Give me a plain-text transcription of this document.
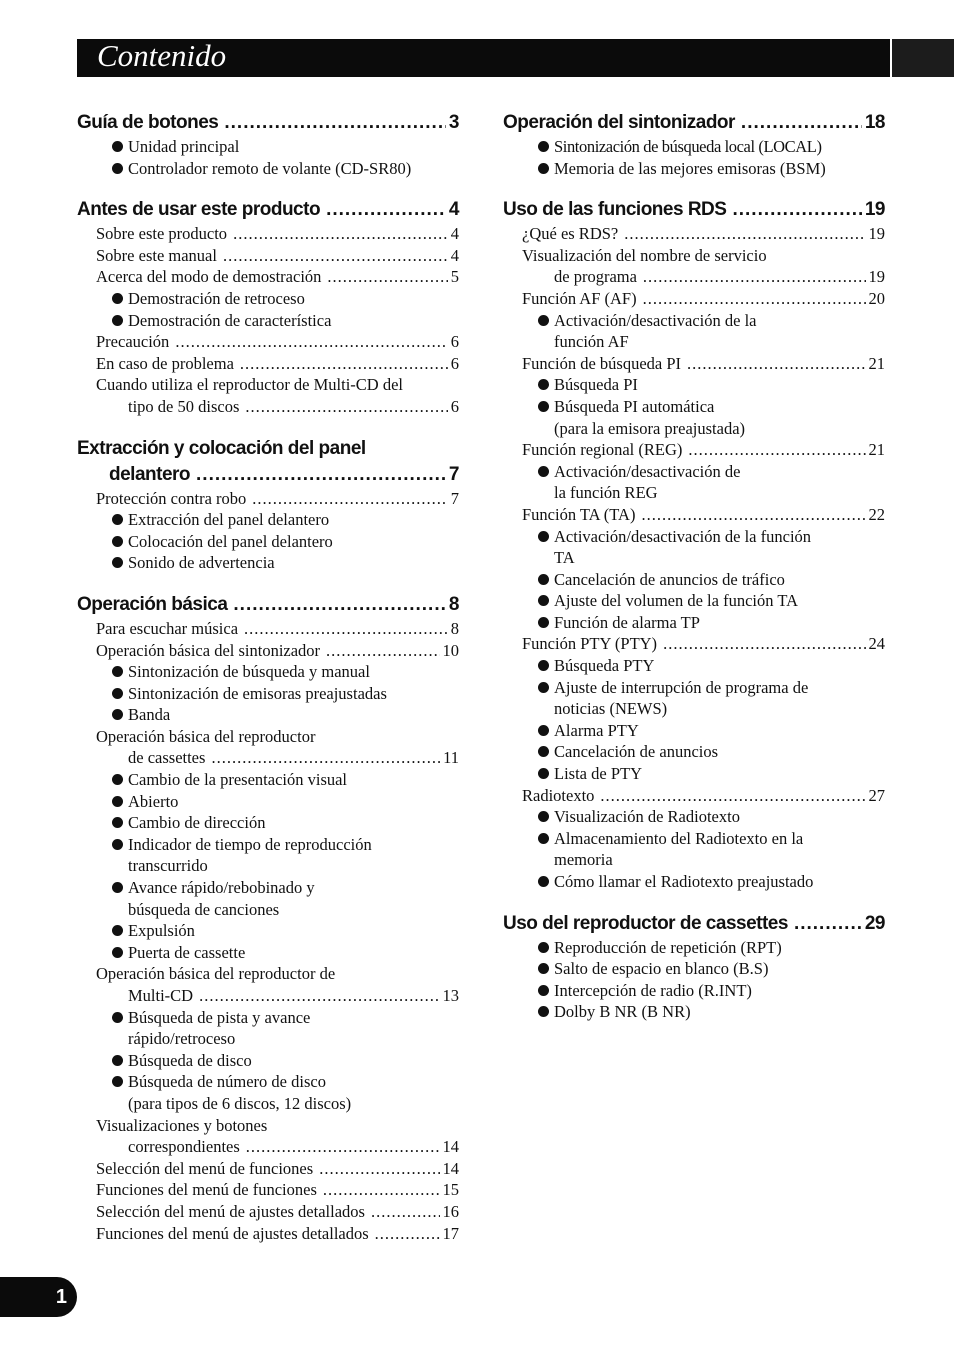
Contenido
Guía de botones .....	3
Unidad principal
Controlador remoto de volante (CD-SR80)
Antes de usar este producto .....	4
Sobre este producto .....	4
Sobre este manual .....	4
Acerca del modo de demostración .....	5
Demostración de retroceso
Demostración de característica
Precaución .....	6
En caso de problema .....	6
Cuando utiliza el reproductor de Multi-CD del
tipo de 50 discos .....	6
Extracción y colocación del panel
delantero .....	7
Protección contra robo .....	7
Extracción del panel delantero
Colocación del panel delantero
Sonido de advertencia
Operación básica .....	8
Para escuchar música .....	8
Operación básica del sintonizador .....	10
Sintonización de búsqueda y manual
Sintonización de emisoras preajustadas
Banda
Operación básica del reproductor
de cassettes .....	11
Cambio de la presentación visual
Abierto
Cambio de dirección
Indicador de tiempo de reproducción
transcurrido
Avance rápido/rebobinado y
búsqueda de canciones
Expulsión
Puerta de cassette
Operación básica del reproductor de
Multi-CD .....	13
Búsqueda de pista y avance
rápido/retroceso
Búsqueda de disco
Búsqueda de número de disco
(para tipos de 6 discos, 12 discos)
Visualizaciones y botones
correspondientes .....	14
Selección del menú de funciones .....	14
Funciones del menú de funciones .....	15
Selección del menú de ajustes detallados .....	16
Funciones del menú de ajustes detallados .....	17
Operación del sintonizador .....	18
Sintonización de búsqueda local (LOCAL)
Memoria de las mejores emisoras (BSM)
Uso de las funciones RDS .....	19
¿Qué es RDS? .....	19
Visualización del nombre de servicio
de programa .....	19
Función AF (AF) .....	20
Activación/desactivación de la
función AF
Función de búsqueda PI .....	21
Búsqueda PI
Búsqueda PI automática
(para la emisora preajustada)
Función regional (REG) .....	21
Activación/desactivación de
la función REG
Función TA (TA) .....	22
Activación/desactivación de la función
TA
Cancelación de anuncios de tráfico
Ajuste del volumen de la función TA
Función de alarma TP
Función PTY (PTY) .....	24
Búsqueda PTY
Ajuste de interrupción de programa de
noticias (NEWS)
Alarma PTY
Cancelación de anuncios
Lista de PTY
Radiotexto .....	27
Visualización de Radiotexto
Almacenamiento del Radiotexto en la
memoria
Cómo llamar el Radiotexto preajustado
Uso del reproductor de cassettes .....	29
Reproducción de repetición (RPT)
Salto de espacio en blanco (B.S)
Intercepción de radio (R.INT)
Dolby B NR (B NR)
1
